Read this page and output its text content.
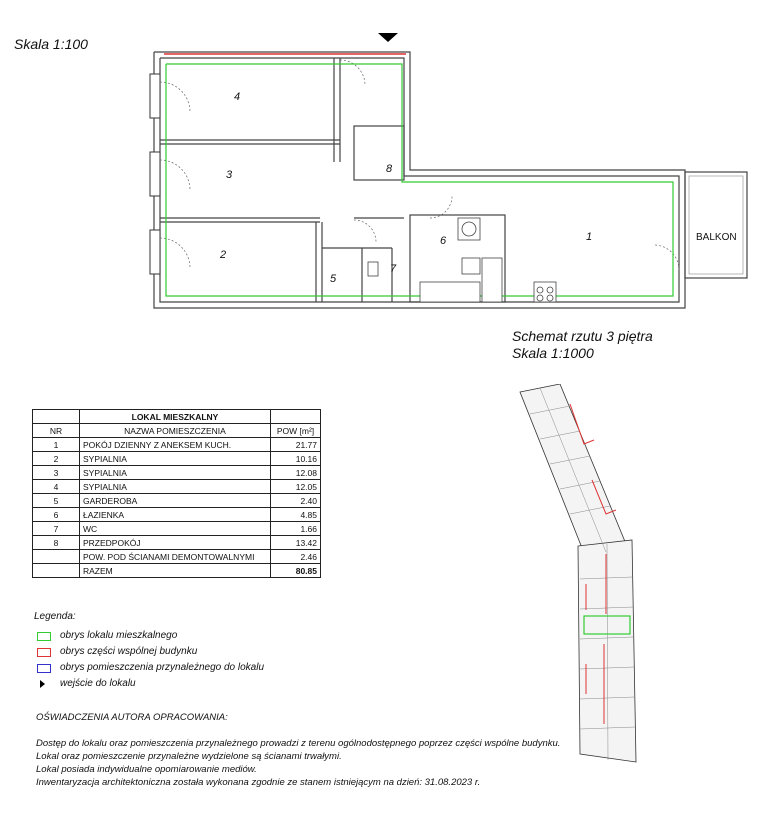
Skala 1:100
4
3
2
8
5
6
7
1	BALKON
Schemat rzutu 3 piętra
Skala 1:1000
	LOKAL MIESZKALNY	
NR	NAZWA POMIESZCZENIA	POW [m²]
1	POKÓJ DZIENNY Z ANEKSEM KUCH.	21.77
2	SYPIALNIA	10.16
3	SYPIALNIA	12.08
4	SYPIALNIA	12.05
5	GARDEROBA	2.40
6	ŁAZIENKA	4.85
7	WC	1.66
8	PRZEDPOKÓJ	13.42
	POW. POD ŚCIANAMI DEMONTOWALNYMI	2.46
	RAZEM	80.85
Legenda:
obrys lokalu mieszkalnego
obrys części wspólnej budynku
obrys pomieszczenia przynależnego do lokalu
wejście do lokalu

OŚWIADCZENIA AUTORA OPRACOWANIA:

Dostęp do lokalu oraz pomieszczenia przynależnego prowadzi z terenu ogólnodostępnego poprzez części wspólne budynku.

Lokal oraz pomieszczenie przynależne wydzielone są ścianami trwałymi.

Lokal posiada indywidualne opomiarowanie mediów.

Inwentaryzacja architektoniczna została wykonana zgodnie ze stanem istniejącym na dzień: 31.08.2023 r.
